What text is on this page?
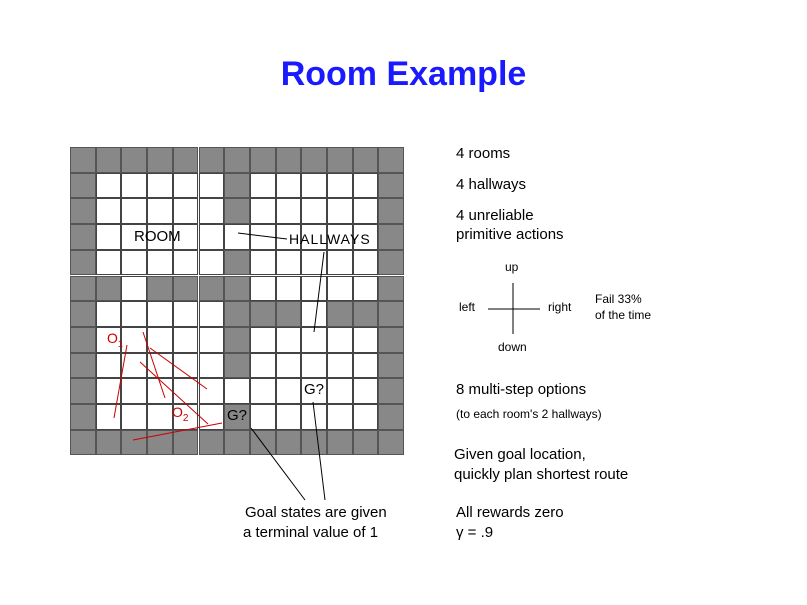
Room Example
ROOM	HALLWAYS
G?
G?
$O_1$
$O_2$
4 rooms
4 hallways
4 unreliable
primitive actions
up
down
left	right
Fail 33%
of the time
8 multi-step options
(to each room's 2 hallways)
Given goal location,
quickly plan shortest route
All rewards zero
γ = .9
Goal states are given
a terminal value of 1
